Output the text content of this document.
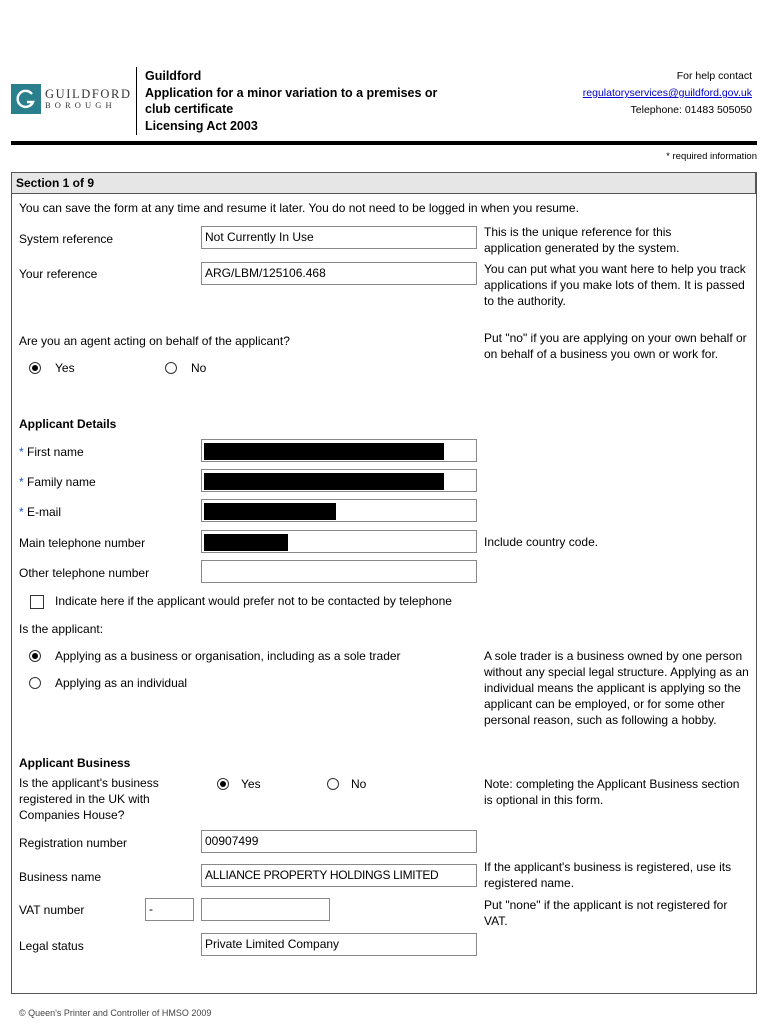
GUILDFORD
BOROUGH
Guildford
Application for a minor variation to a premises or
club certificate
Licensing Act 2003
For help contact
regulatoryservices@guildford.gov.uk
Telephone: 01483 505050
* required information
Section 1 of 9
You can save the form at any time and resume it later. You do not need to be logged in when you resume.
System reference	Not Currently In Use	This is the unique reference for this application generated by the system.
Your reference	ARG/LBM/125106.468	You can put what you want here to help you track applications if you make lots of them. It is passed to the authority.
Are you an agent acting on behalf of the applicant?
Yes	No
Put "no" if you are applying on your own behalf or on behalf of a business you own or work for.
Applicant Details
* First name
* Family name
* E-mail
Main telephone number	Include country code.
Other telephone number
Indicate here if the applicant would prefer not to be contacted by telephone
Is the applicant:
Applying as a business or organisation, including as a sole trader
Applying as an individual
A sole trader is a business owned by one person without any special legal structure. Applying as an individual means the applicant is applying so the applicant can be employed, or for some other personal reason, such as following a hobby.
Applicant Business
Is the applicant's business registered in the UK with Companies House?
Yes	No	Note: completing the Applicant Business section is optional in this form.
Registration number	00907499
Business name	ALLIANCE PROPERTY HOLDINGS LIMITED
If the applicant's business is registered, use its registered name.
VAT number	-	Put "none" if the applicant is not registered for VAT.
Legal status	Private Limited Company
© Queen's Printer and Controller of HMSO 2009
